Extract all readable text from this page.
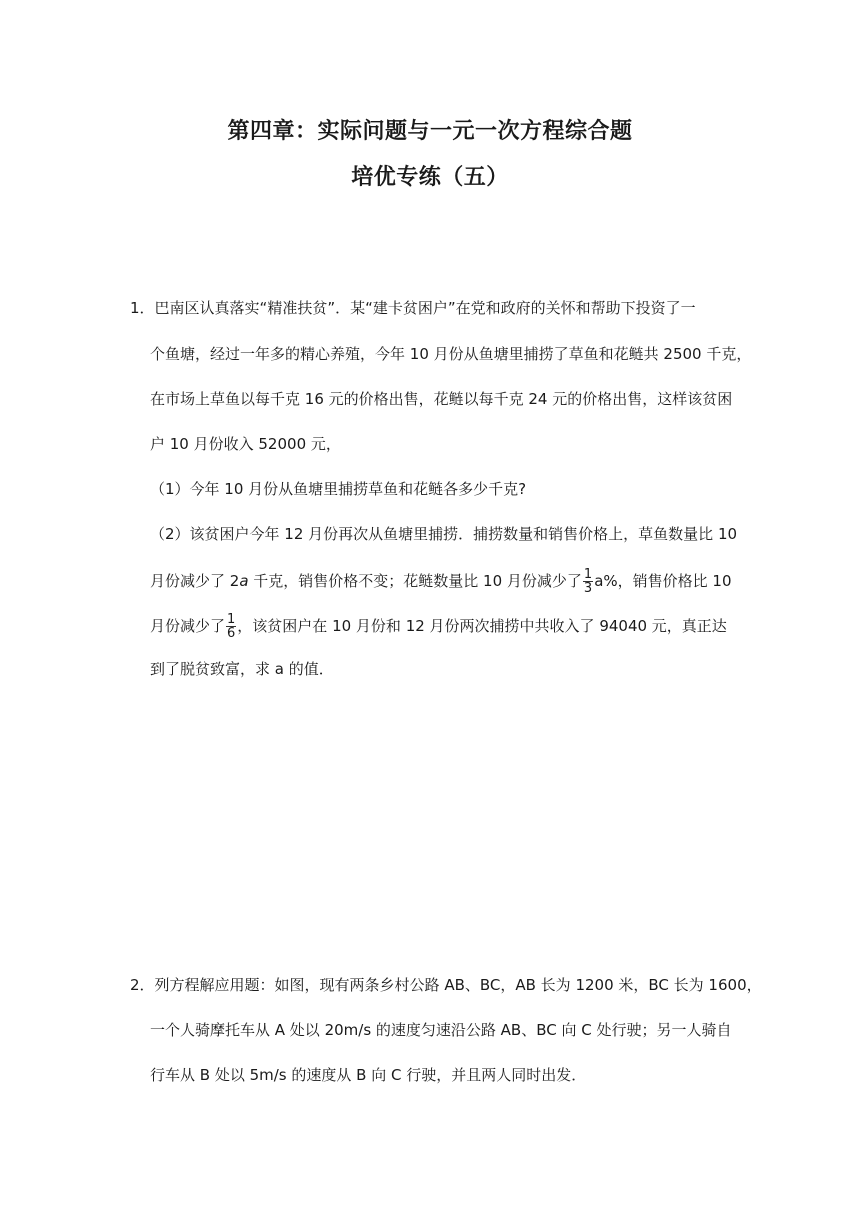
第四章：实际问题与一元一次方程综合题
培优专练（五）
1．巴南区认真落实“精准扶贫”．某“建卡贫困户”在党和政府的关怀和帮助下投资了一
个鱼塘，经过一年多的精心养殖，今年 10 月份从鱼塘里捕捞了草鱼和花鲢共 2500 千克，
在市场上草鱼以每千克 16 元的价格出售，花鲢以每千克 24 元的价格出售，这样该贫困
户 10 月份收入 52000 元，
（1）今年 10 月份从鱼塘里捕捞草鱼和花鲢各多少千克?
（2）该贫困户今年 12 月份再次从鱼塘里捕捞．捕捞数量和销售价格上，草鱼数量比 10
月份减少了 2a 千克，销售价格不变；花鲢数量比 10 月份减少了 $\frac{1}{3} a\%$，销售价格比 10
月份减少了 $\frac{1}{6}$ ，该贫困户在 10 月份和 12 月份两次捕捞中共收入了 94040 元，真正达
到了脱贫致富，求 a 的值．
2．列方程解应用题：如图，现有两条乡村公路 AB、BC，AB 长为 1200 米，BC 长为 1600，
一个人骑摩托车从 A 处以 20m/s 的速度匀速沿公路 AB、BC 向 C 处行驶；另一人骑自
行车从 B 处以 5m/s 的速度从 B 向 C 行驶，并且两人同时出发．
